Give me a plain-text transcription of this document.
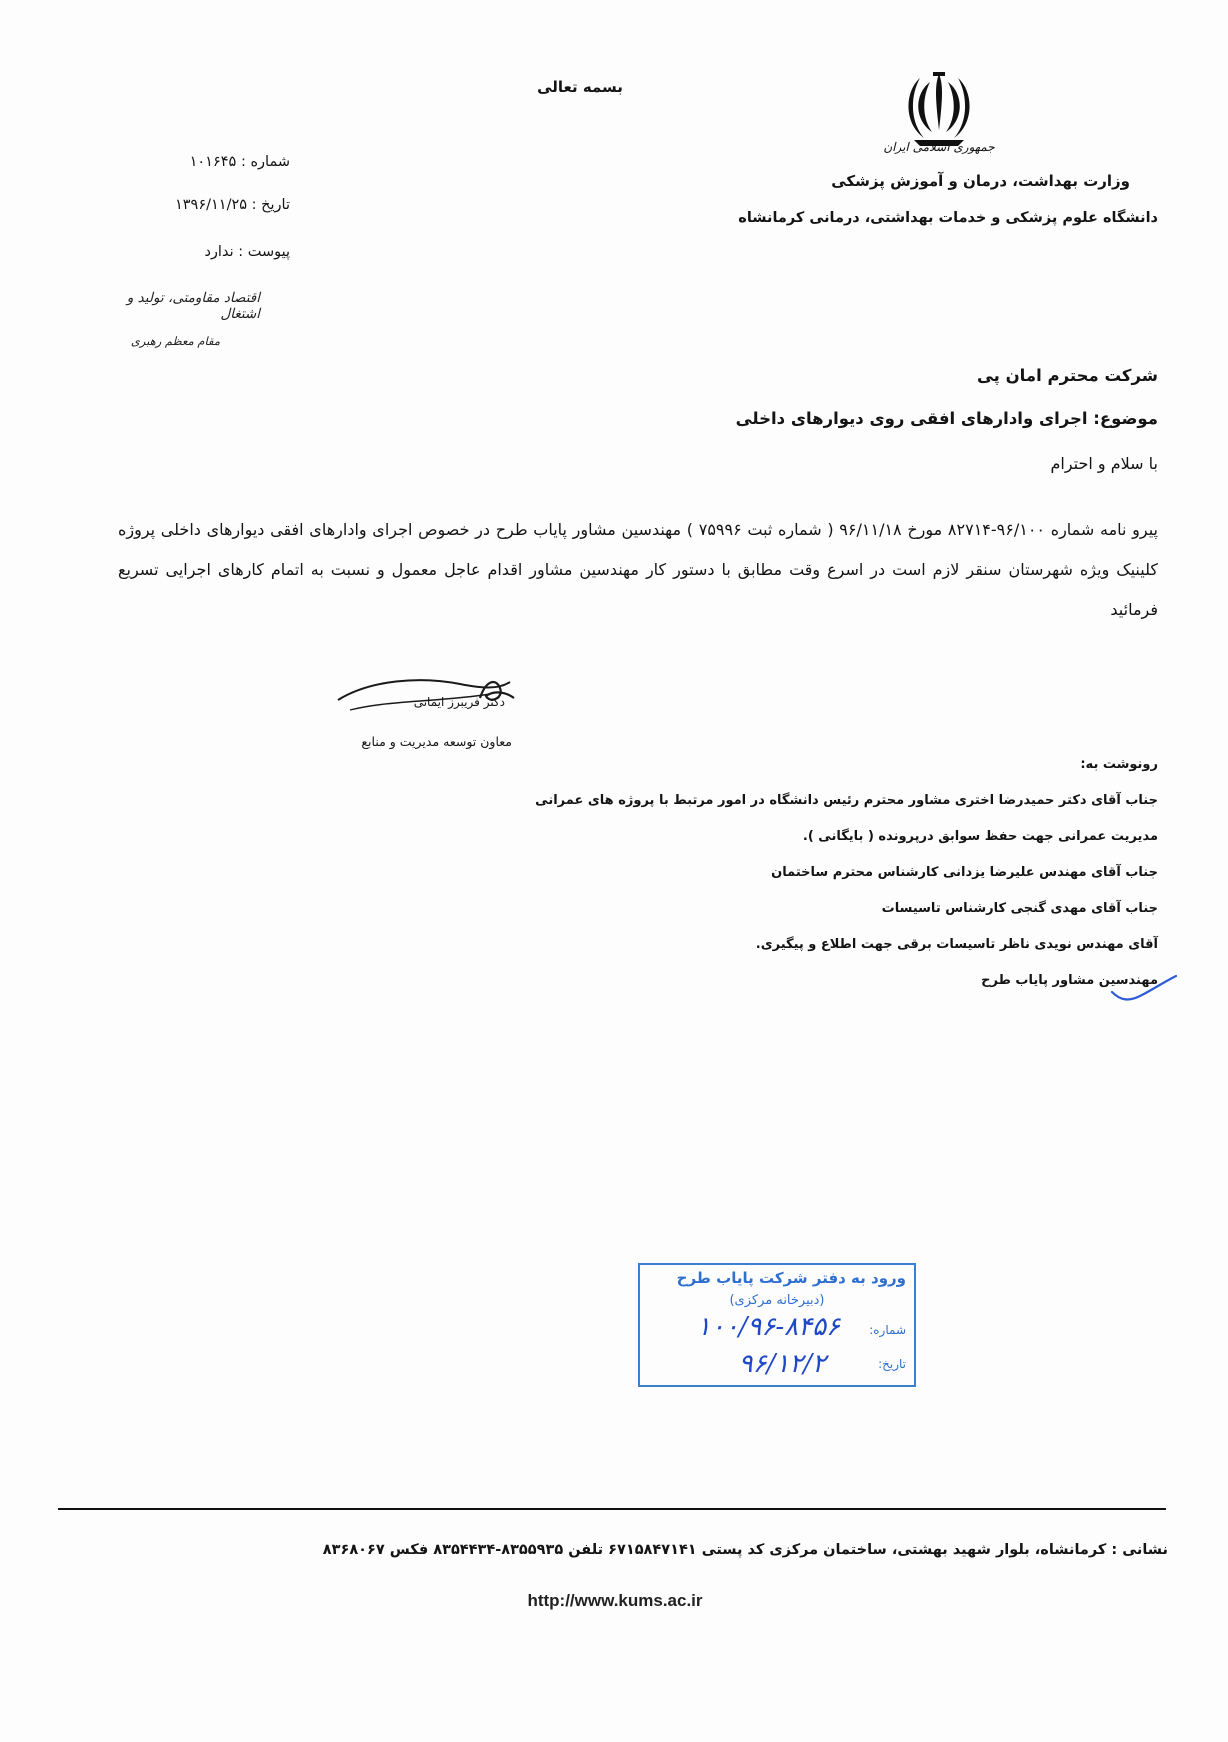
بسمه تعالی
جمهوری اسلامی ایران
وزارت بهداشت، درمان و آموزش پزشکی
دانشگاه علوم پزشکی و خدمات بهداشتی، درمانی کرمانشاه
شماره : ۱۰۱۶۴۵
تاریخ : ۱۳۹۶/۱۱/۲۵
پیوست : ندارد
اقتصاد مقاومتی، تولید و اشتغال
مقام معظم رهبری
شرکت محترم امان پی
موضوع: اجرای وادارهای افقی روی دیوارهای داخلی
با سلام و احترام
پیرو نامه شماره ۹۶/۱۰۰-۸۲۷۱۴ مورخ ۹۶/۱۱/۱۸ ( شماره ثبت ۷۵۹۹۶ ) مهندسین مشاور پایاب طرح در خصوص اجرای وادارهای افقی دیوارهای داخلی پروژه کلینیک ویژه شهرستان سنقر لازم است در اسرع وقت مطابق با دستور کار مهندسین مشاور اقدام عاجل معمول و نسبت به اتمام کارهای اجرایی تسریع فرمائید
دکتر فریبرز ایمانی
معاون توسعه مدیریت و منابع
رونوشت به:
جناب آقای دکتر حمیدرضا اختری مشاور محترم رئیس دانشگاه در امور مرتبط با پروژه های عمرانی
مدیریت عمرانی جهت حفظ سوابق درپرونده ( بایگانی ).
جناب آقای مهندس علیرضا یزدانی کارشناس محترم ساختمان
جناب آقای مهدی گنجی کارشناس تاسیسات
آقای مهندس نویدی ناظر تاسیسات برقی جهت اطلاع و پیگیری.
مهندسین مشاور پایاب طرح
ورود به دفتر شرکت پایاب طرح
(دبیرخانه مرکزی)
شماره:
۱۰۰/۹۶-۸۴۵۶
تاریخ:
۹۶/۱۲/۲
نشانی : کرمانشاه، بلوار شهید بهشتی، ساختمان مرکزی کد پستی ۶۷۱۵۸۴۷۱۴۱ تلفن ۸۳۵۵۹۳۵-۸۳۵۴۴۳۴ فکس ۸۳۶۸۰۶۷
http://www.kums.ac.ir
